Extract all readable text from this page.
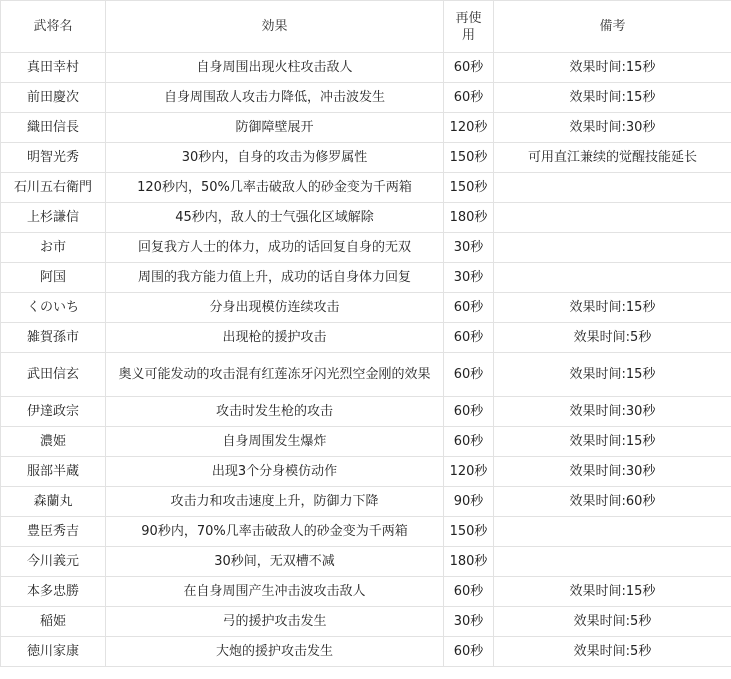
武将名	効果	再使用	備考
真田幸村	自身周围出现火柱攻击敌人	60秒	效果时间:15秒
前田慶次	自身周围敌人攻击力降低，冲击波发生	60秒	效果时间:15秒
織田信長	防御障壁展开	120秒	效果时间:30秒
明智光秀	30秒内，自身的攻击为修罗属性	150秒	可用直江兼续的觉醒技能延长
石川五右衛門	120秒内，50%几率击破敌人的砂金变为千两箱	150秒	
上杉謙信	45秒内，敌人的士气强化区域解除	180秒	
お市	回复我方人士的体力，成功的话回复自身的无双	30秒	
阿国	周围的我方能力值上升，成功的话自身体力回复	30秒	
くのいち	分身出现模仿连续攻击	60秒	效果时间:15秒
雑賀孫市	出现枪的援护攻击	60秒	效果时间:5秒
武田信玄	奥义可能发动的攻击混有红莲冻牙闪光烈空金刚的效果	60秒	效果时间:15秒
伊達政宗	攻击时发生枪的攻击	60秒	效果时间:30秒
濃姫	自身周围发生爆炸	60秒	效果时间:15秒
服部半蔵	出现3个分身模仿动作	120秒	效果时间:30秒
森蘭丸	攻击力和攻击速度上升，防御力下降	90秒	效果时间:60秒
豊臣秀吉	90秒内，70%几率击破敌人的砂金变为千两箱	150秒	
今川義元	30秒间，无双槽不减	180秒	
本多忠勝	在自身周围产生冲击波攻击敌人	60秒	效果时间:15秒
稲姫	弓的援护攻击发生	30秒	效果时间:5秒
徳川家康	大炮的援护攻击发生	60秒	效果时间:5秒
